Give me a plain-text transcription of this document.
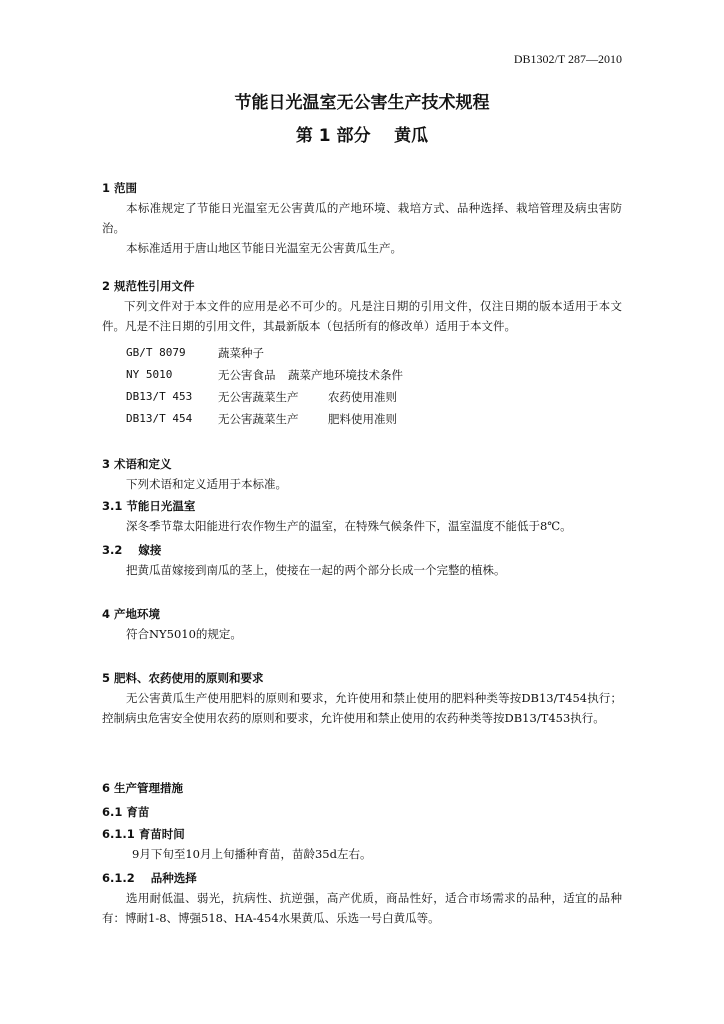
DB1302/T 287—2010
节能日光温室无公害生产技术规程
第 1 部分    黄瓜
1 范围
本标准规定了节能日光温室无公害黄瓜的产地环境、栽培方式、品种选择、栽培管理及病虫害防治。
本标准适用于唐山地区节能日光温室无公害黄瓜生产。
2 规范性引用文件
下列文件对于本文件的应用是必不可少的。凡是注日期的引用文件，仅注日期的版本适用于本文件。凡是不注日期的引用文件，其最新版本（包括所有的修改单）适用于本文件。
GB/T 8079	蔬菜种子
NY 5010	无公害食品 蔬菜产地环境技术条件
DB13/T 453 无公害蔬菜生产	农药使用准则
DB13/T 454 无公害蔬菜生产	肥料使用准则
3 术语和定义
下列术语和定义适用于本标准。
3.1 节能日光温室
深冬季节靠太阳能进行农作物生产的温室，在特殊气候条件下，温室温度不能低于8℃。
3.2    嫁接
把黄瓜苗嫁接到南瓜的茎上，使接在一起的两个部分长成一个完整的植株。
4 产地环境
符合NY5010的规定。
5 肥料、农药使用的原则和要求
无公害黄瓜生产使用肥料的原则和要求，允许使用和禁止使用的肥料种类等按DB13/T454执行；控制病虫危害安全使用农药的原则和要求，允许使用和禁止使用的农药种类等按DB13/T453执行。
6 生产管理措施
6.1 育苗
6.1.1 育苗时间
9月下旬至10月上旬播种育苗，苗龄35d左右。
6.1.2    品种选择
选用耐低温、弱光，抗病性、抗逆强，高产优质，商品性好，适合市场需求的品种，适宜的品种有：博耐1-8、博强518、HA-454水果黄瓜、乐选一号白黄瓜等。
